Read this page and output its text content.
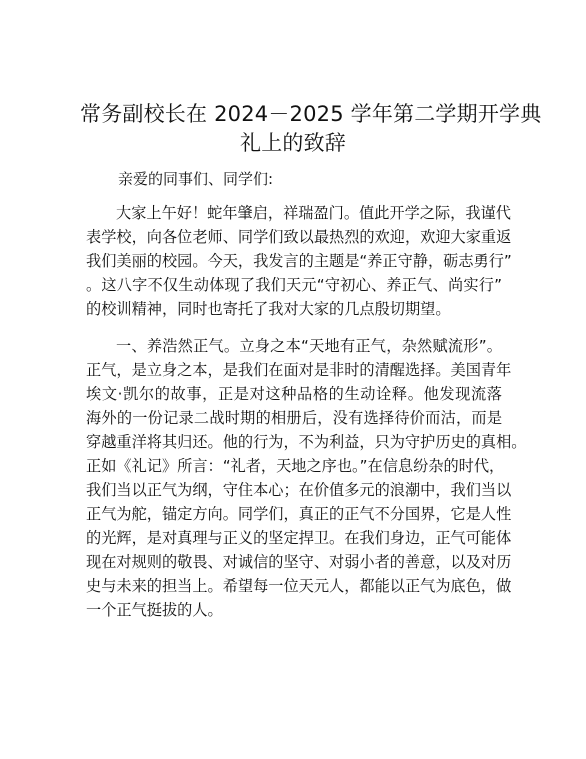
常务副校长在 2024－2025 学年第二学期开学典
礼上的致辞

亲爱的同事们、同学们:

大家上午好！蛇年肇启，祥瑞盈门。值此开学之际，我谨代
表学校，向各位老师、同学们致以最热烈的欢迎，欢迎大家重返
我们美丽的校园。今天，我发言的主题是“养正守静，砺志勇行”
。这八字不仅生动体现了我们天元“守初心、养正气、尚实行”
的校训精神，同时也寄托了我对大家的几点殷切期望。
一、养浩然正气。立身之本“天地有正气，杂然赋流形”。
正气，是立身之本，是我们在面对是非时的清醒选择。美国青年
埃文·凯尔的故事，正是对这种品格的生动诠释。他发现流落
海外的一份记录二战时期的相册后，没有选择待价而沽，而是
穿越重洋将其归还。他的行为，不为利益，只为守护历史的真相。
正如《礼记》所言：“礼者，天地之序也。”在信息纷杂的时代，
我们当以正气为纲，守住本心；在价值多元的浪潮中，我们当以
正气为舵，锚定方向。同学们，真正的正气不分国界，它是人性
的光辉，是对真理与正义的坚定捍卫。在我们身边，正气可能体
现在对规则的敬畏、对诚信的坚守、对弱小者的善意，以及对历
史与未来的担当上。希望每一位天元人，都能以正气为底色，做
一个正气挺拔的人。
